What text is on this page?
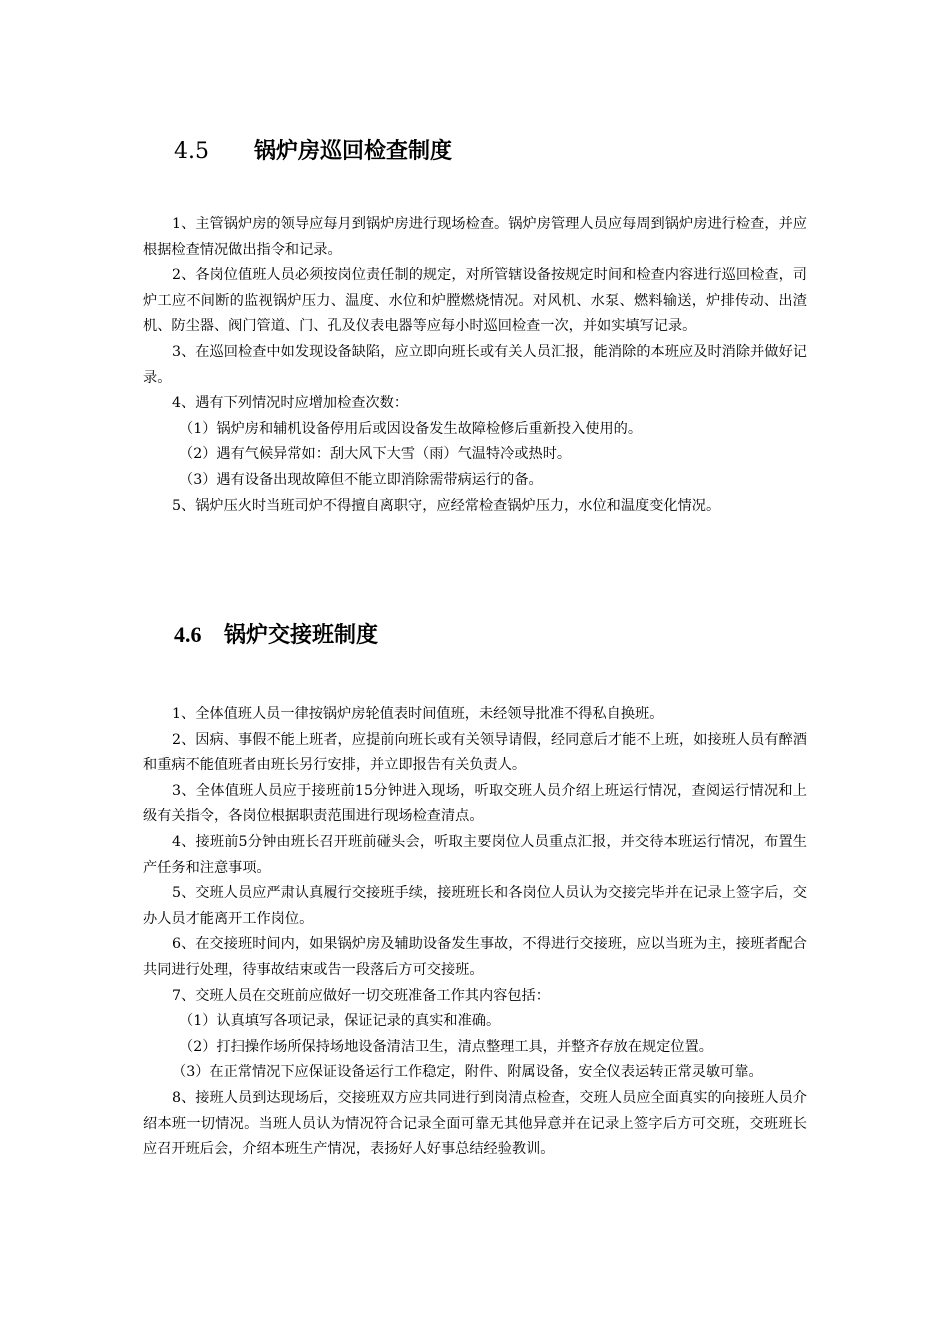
4.5 锅炉房巡回检查制度

1、主管锅炉房的领导应每月到锅炉房进行现场检查。锅炉房管理人员应每周到锅炉房进行检查，并应根据检查情况做出指令和记录。

2、各岗位值班人员必须按岗位责任制的规定，对所管辖设备按规定时间和检查内容进行巡回检查，司炉工应不间断的监视锅炉压力、温度、水位和炉膛燃烧情况。对风机、水泵、燃料输送，炉排传动、出渣机、防尘器、阀门管道、门、孔及仪表电器等应每小时巡回检查一次，并如实填写记录。

3、在巡回检查中如发现设备缺陷，应立即向班长或有关人员汇报，能消除的本班应及时消除并做好记录。

4、遇有下列情况时应增加检查次数：

（1）锅炉房和辅机设备停用后或因设备发生故障检修后重新投入使用的。

（2）遇有气候异常如：刮大风下大雪（雨）气温特冷或热时。

（3）遇有设备出现故障但不能立即消除需带病运行的备。

5、锅炉压火时当班司炉不得擅自离职守，应经常检查锅炉压力，水位和温度变化情况。

4.6 锅炉交接班制度

1、全体值班人员一律按锅炉房轮值表时间值班，未经领导批准不得私自换班。

2、因病、事假不能上班者，应提前向班长或有关领导请假，经同意后才能不上班，如接班人员有醉酒和重病不能值班者由班长另行安排，并立即报告有关负责人。

3、全体值班人员应于接班前15分钟进入现场，听取交班人员介绍上班运行情况，查阅运行情况和上级有关指令，各岗位根据职责范围进行现场检查清点。

4、接班前5分钟由班长召开班前碰头会，听取主要岗位人员重点汇报，并交待本班运行情况，布置生产任务和注意事项。

5、交班人员应严肃认真履行交接班手续，接班班长和各岗位人员认为交接完毕并在记录上签字后，交办人员才能离开工作岗位。

6、在交接班时间内，如果锅炉房及辅助设备发生事故，不得进行交接班，应以当班为主，接班者配合共同进行处理，待事故结束或告一段落后方可交接班。

7、交班人员在交班前应做好一切交班准备工作其内容包括：

（1）认真填写各项记录，保证记录的真实和准确。

（2）打扫操作场所保持场地设备清洁卫生，清点整理工具，并整齐存放在规定位置。

（3）在正常情况下应保证设备运行工作稳定，附件、附属设备，安全仪表运转正常灵敏可靠。

8、接班人员到达现场后，交接班双方应共同进行到岗清点检查，交班人员应全面真实的向接班人员介绍本班一切情况。当班人员认为情况符合记录全面可靠无其他异意并在记录上签字后方可交班，交班班长应召开班后会，介绍本班生产情况，表扬好人好事总结经验教训。
